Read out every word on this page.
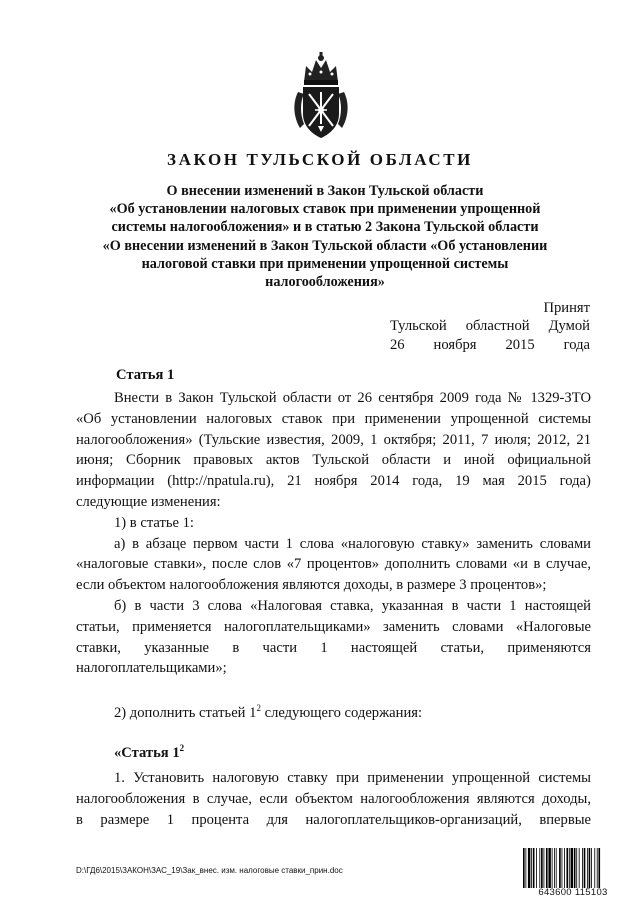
ЗАКОН ТУЛЬСКОЙ ОБЛАСТИ
О внесении изменений в Закон Тульской области
«Об установлении налоговых ставок при применении упрощенной
системы налогообложения» и в статью 2 Закона Тульской области
«О внесении изменений в Закон Тульской области «Об установлении
налоговой ставки при применении упрощенной системы
налогообложения»
Принят
Тульской областной Думой
26 ноября 2015 года
Статья 1
Внести в Закон Тульской области от 26 сентября 2009 года № 1329-ЗТО
«Об установлении налоговых ставок при применении упрощенной системы
налогообложения» (Тульские известия, 2009, 1 октября; 2011, 7 июля; 2012, 21
июня; Сборник правовых актов Тульской области и иной официальной
информации (http://npatula.ru), 21 ноября 2014 года, 19 мая 2015 года)
следующие изменения:
1) в статье 1:
а) в абзаце первом части 1 слова «налоговую ставку» заменить словами
«налоговые ставки», после слов «7 процентов» дополнить словами «и в случае,
если объектом налогообложения являются доходы, в размере 3 процентов»;
б) в части 3 слова «Налоговая ставка, указанная в части 1 настоящей
статьи, применяется налогоплательщиками» заменить словами «Налоговые
ставки, указанные в части 1 настоящей статьи, применяются
налогоплательщиками»;
2) дополнить статьей $1^2$ следующего содержания:
«Статья $1^2$
1. Установить налоговую ставку при применении упрощенной системы
налогообложения в случае, если объектом налогообложения являются доходы,
в размере 1 процента для налогоплательщиков-организаций, впервые
D:\ГД6\2015\ЗАКОН\ЗАС_19\Зак_внес. изм. налоговые ставки_прин.doc
643600 115103
